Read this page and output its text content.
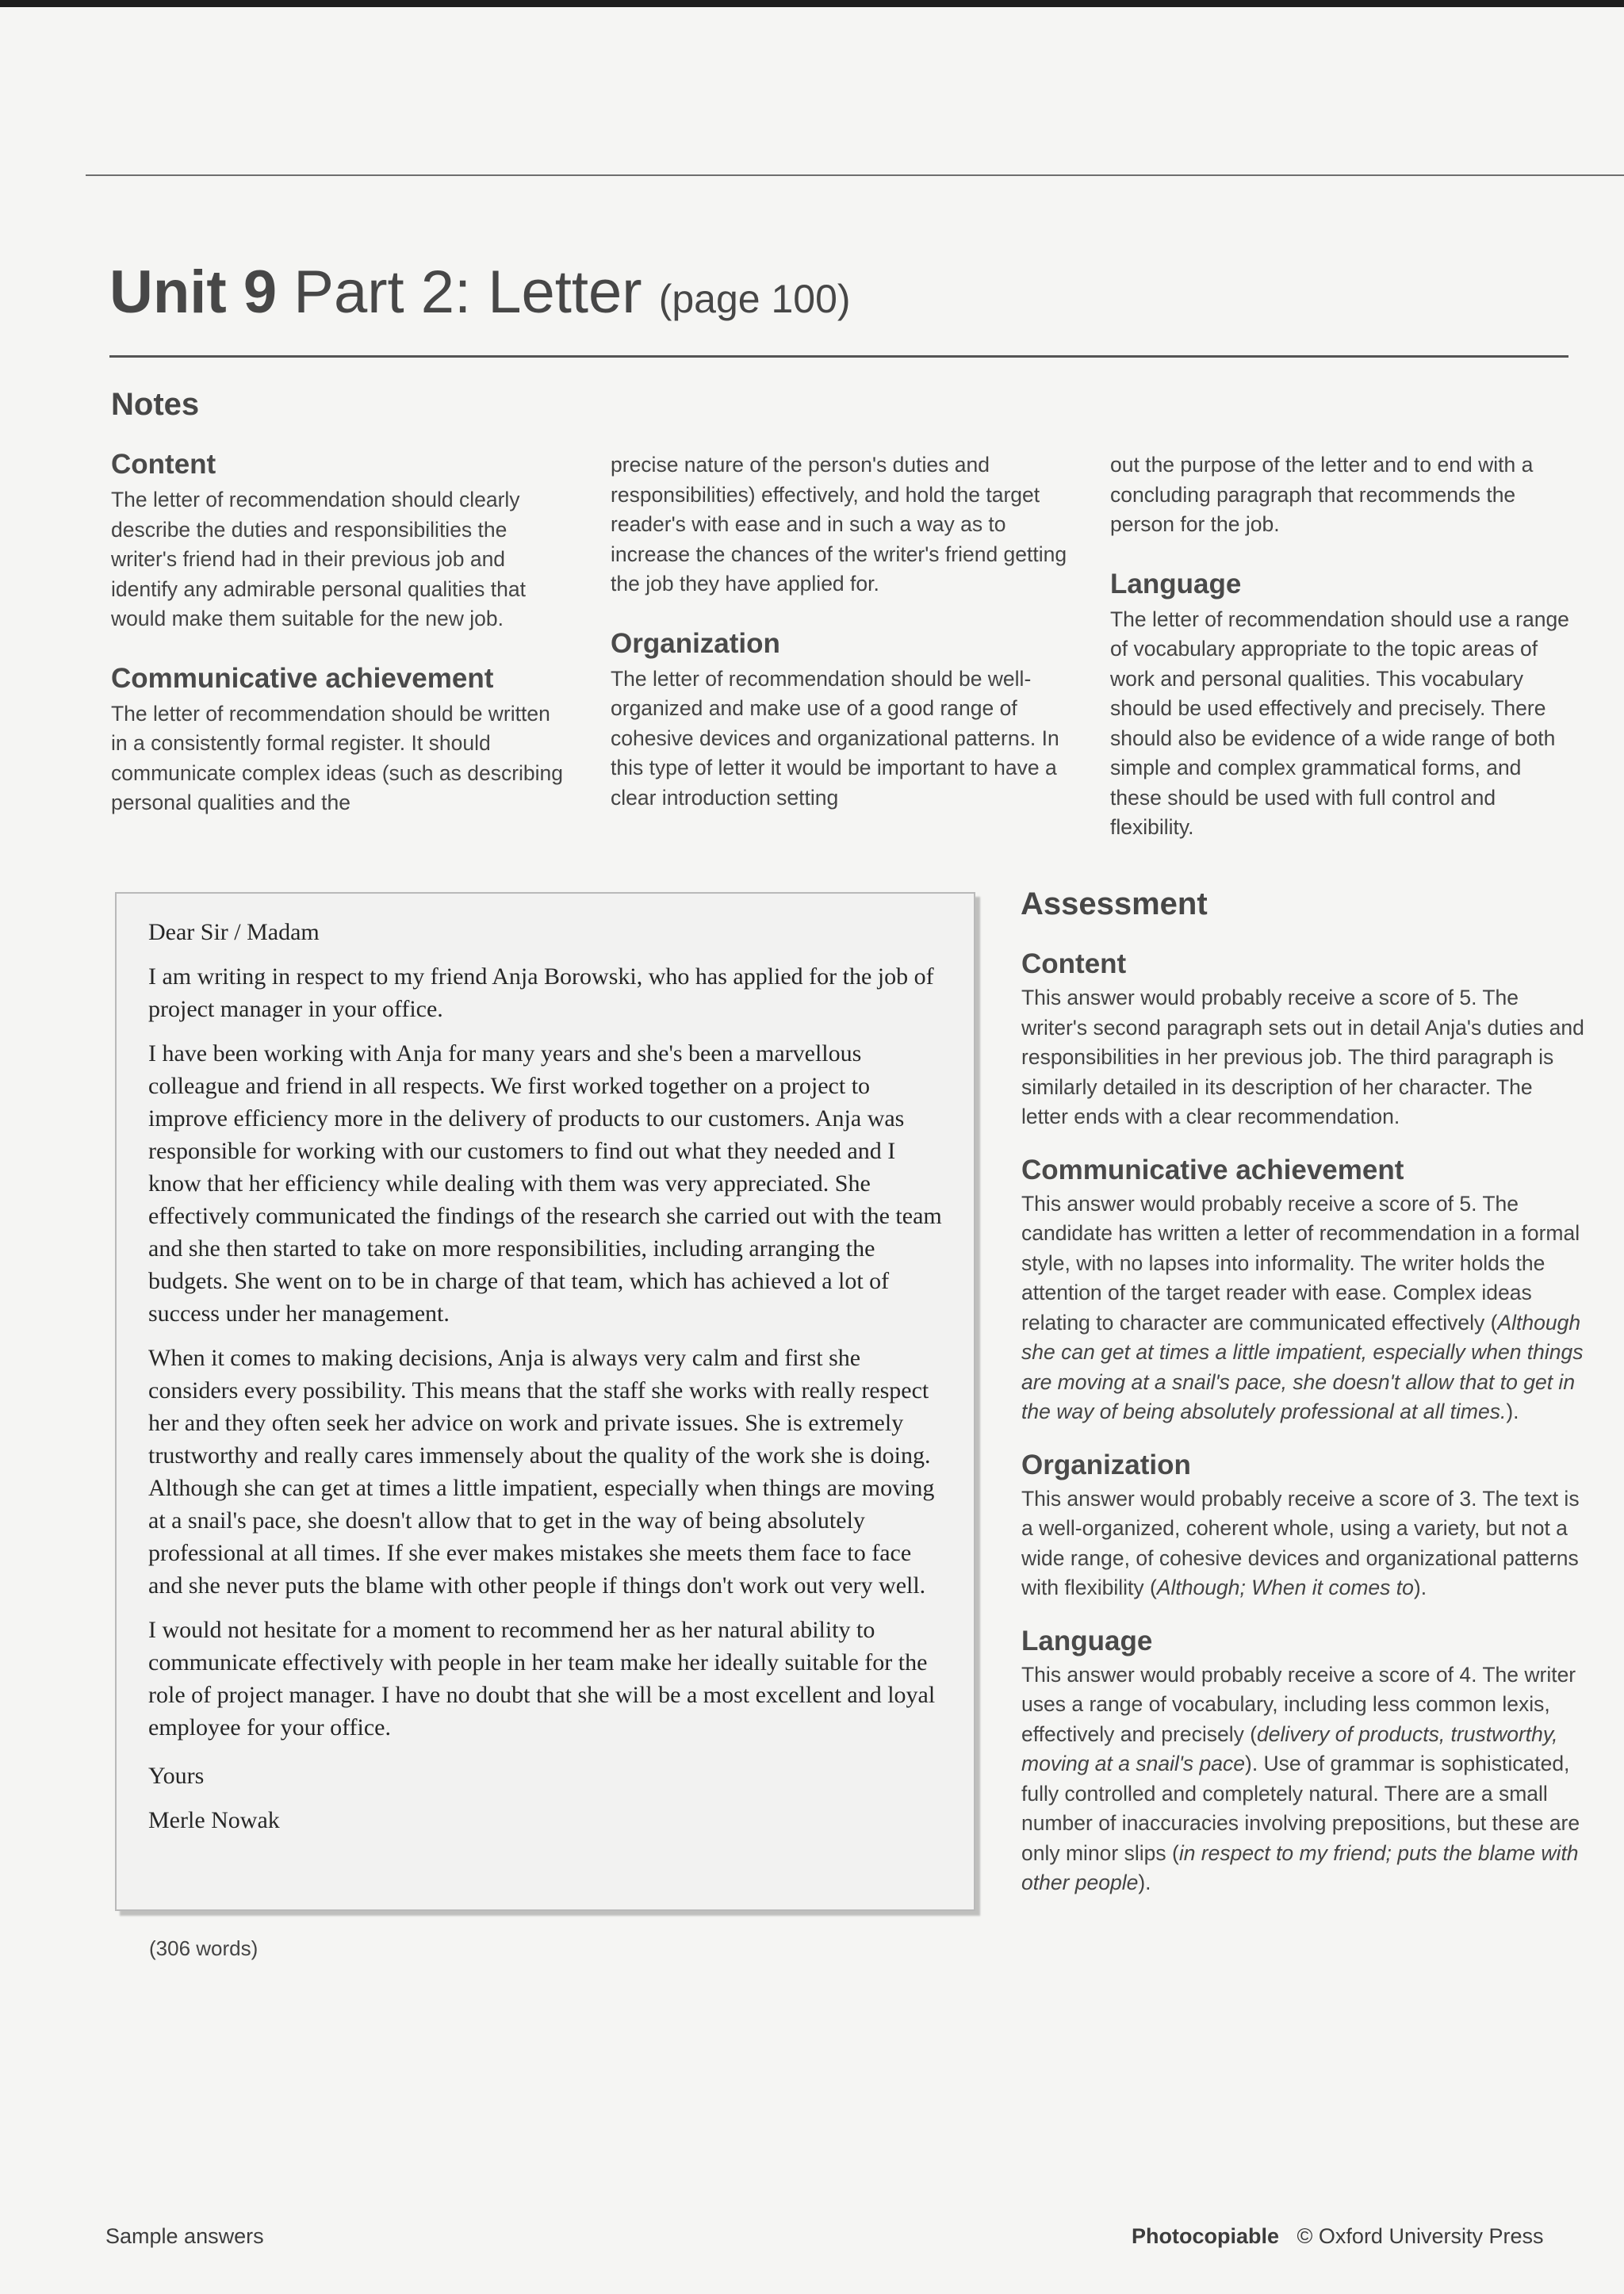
Unit 9 Part 2: Letter (page 100)
Notes
Content

The letter of recommendation should clearly describe the duties and responsibilities the writer's friend had in their previous job and identify any admirable personal qualities that would make them suitable for the new job.

Communicative achievement

The letter of recommendation should be written in a consistently formal register. It should communicate complex ideas (such as describing personal qualities and the

precise nature of the person's duties and responsibilities) effectively, and hold the target reader's with ease and in such a way as to increase the chances of the writer's friend getting the job they have applied for.

Organization

The letter of recommendation should be well-organized and make use of a good range of cohesive devices and organizational patterns. In this type of letter it would be important to have a clear introduction setting

out the purpose of the letter and to end with a concluding paragraph that recommends the person for the job.

Language

The letter of recommendation should use a range of vocabulary appropriate to the topic areas of work and personal qualities. This vocabulary should be used effectively and precisely. There should also be evidence of a wide range of both simple and complex grammatical forms, and these should be used with full control and flexibility.

Dear Sir / Madam

I am writing in respect to my friend Anja Borowski, who has applied for the job of project manager in your office.

I have been working with Anja for many years and she's been a marvellous colleague and friend in all respects. We first worked together on a project to improve efficiency more in the delivery of products to our customers. Anja was responsible for working with our customers to find out what they needed and I know that her efficiency while dealing with them was very appreciated. She effectively communicated the findings of the research she carried out with the team and she then started to take on more responsibilities, including arranging the budgets. She went on to be in charge of that team, which has achieved a lot of success under her management.

When it comes to making decisions, Anja is always very calm and first she considers every possibility. This means that the staff she works with really respect her and they often seek her advice on work and private issues. She is extremely trustworthy and really cares immensely about the quality of the work she is doing. Although she can get at times a little impatient, especially when things are moving at a snail's pace, she doesn't allow that to get in the way of being absolutely professional at all times. If she ever makes mistakes she meets them face to face and she never puts the blame with other people if things don't work out very well.

I would not hesitate for a moment to recommend her as her natural ability to communicate effectively with people in her team make her ideally suitable for the role of project manager. I have no doubt that she will be a most excellent and loyal employee for your office.

Yours

Merle Nowak

(306 words)
Assessment
Content

This answer would probably receive a score of 5. The writer's second paragraph sets out in detail Anja's duties and responsibilities in her previous job. The third paragraph is similarly detailed in its description of her character. The letter ends with a clear recommendation.

Communicative achievement

This answer would probably receive a score of 5. The candidate has written a letter of recommendation in a formal style, with no lapses into informality. The writer holds the attention of the target reader with ease. Complex ideas relating to character are communicated effectively (Although she can get at times a little impatient, especially when things are moving at a snail's pace, she doesn't allow that to get in the way of being absolutely professional at all times.).

Organization

This answer would probably receive a score of 3. The text is a well-organized, coherent whole, using a variety, but not a wide range, of cohesive devices and organizational patterns with flexibility (Although; When it comes to).

Language

This answer would probably receive a score of 4. The writer uses a range of vocabulary, including less common lexis, effectively and precisely (delivery of products, trustworthy, moving at a snail's pace). Use of grammar is sophisticated, fully controlled and completely natural. There are a small number of inaccuracies involving prepositions, but these are only minor slips (in respect to my friend; puts the blame with other people).

Sample answers	Photocopiable © Oxford University Press
